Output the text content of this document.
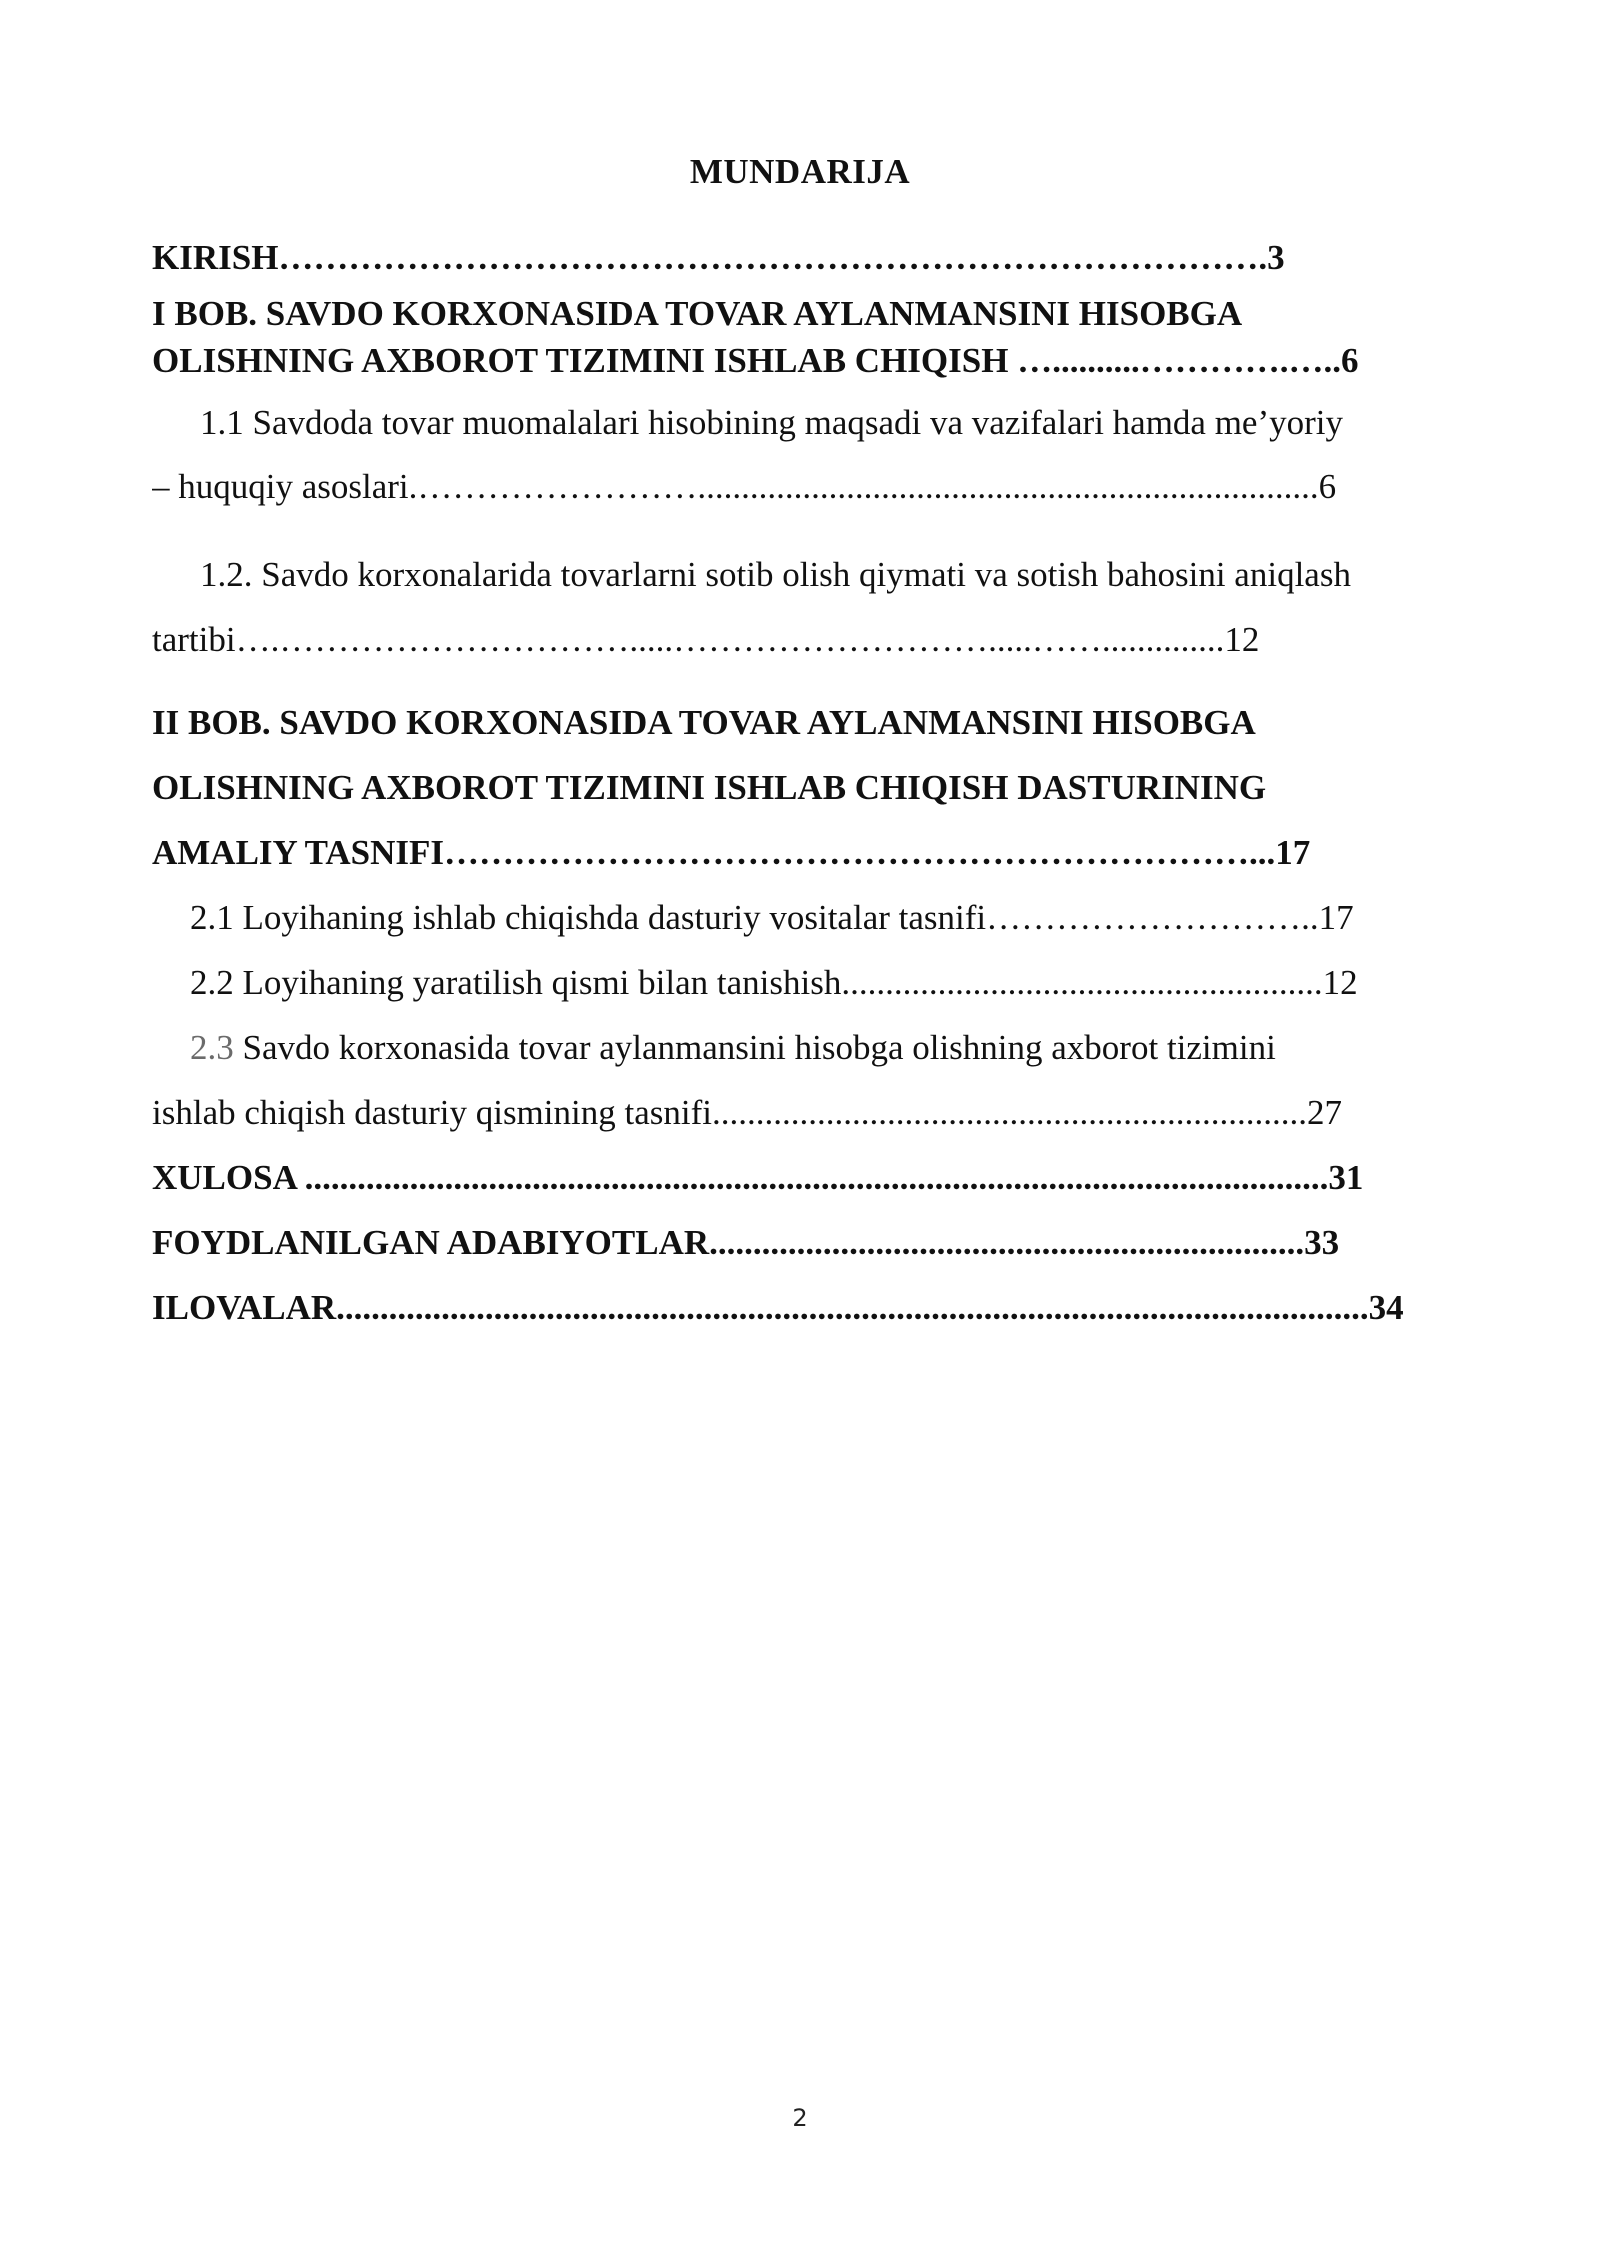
MUNDARIJA
KIRISH………………………………………………………………………….3
I BOB. SAVDO KORXONASIDA TOVAR AYLANMANSINI HISOBGA
OLISHNING AXBOROT TIZIMINI ISHLAB CHIQISH …..........………….…..6
1.1 Savdoda tovar muomalalari hisobining maqsadi va vazifalari hamda me’yoriy
– huquqiy asoslari.…………………….......................................................................6
1.2. Savdo korxonalarida tovarlarni sotib olish qiymati va sotish bahosini aniqlash
tartibi….………………………….....……………………….....……..............12
II BOB. SAVDO KORXONASIDA TOVAR AYLANMANSINI HISOBGA
OLISHNING AXBOROT TIZIMINI ISHLAB CHIQISH DASTURINING
AMALIY TASNIFI……………………………………………………………...17
2.1 Loyihaning ishlab chiqishda dasturiy vositalar tasnifi………………………..17
2.2 Loyihaning yaratilish qismi bilan tanishish.......................................................12
2.3 Savdo korxonasida tovar aylanmansini hisobga olishning axborot tizimini
ishlab chiqish dasturiy qismining tasnifi....................................................................27
XULOSA .....................................................................................................................31
FOYDLANILGAN ADABIYOTLAR....................................................................33
ILOVALAR......................................................................................................................34
2
